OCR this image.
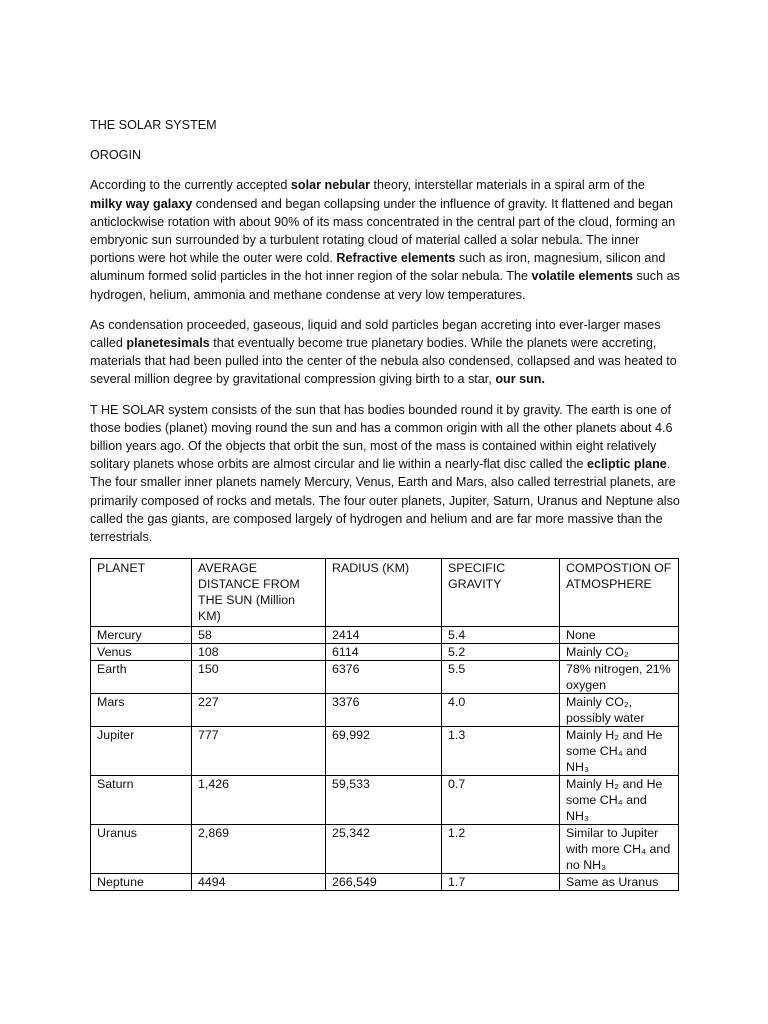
THE SOLAR SYSTEM

OROGIN

According to the currently accepted solar nebular theory, interstellar materials in a spiral arm of the milky way galaxy condensed and began collapsing under the influence of gravity. It flattened and began anticlockwise rotation with about 90% of its mass concentrated in the central part of the cloud, forming an embryonic sun surrounded by a turbulent rotating cloud of material called a solar nebula. The inner portions were hot while the outer were cold. Refractive elements such as iron, magnesium, silicon and aluminum formed solid particles in the hot inner region of the solar nebula. The volatile elements such as hydrogen, helium, ammonia and methane condense at very low temperatures.

As condensation proceeded, gaseous, liquid and sold particles began accreting into ever-larger mases called planetesimals that eventually become true planetary bodies. While the planets were accreting, materials that had been pulled into the center of the nebula also condensed, collapsed and was heated to several million degree by gravitational compression giving birth to a star, our sun.

T HE SOLAR system consists of the sun that has bodies bounded round it by gravity. The earth is one of those bodies (planet) moving round the sun and has a common origin with all the other planets about 4.6 billion years ago. Of the objects that orbit the sun, most of the mass is contained within eight relatively solitary planets whose orbits are almost circular and lie within a nearly-flat disc called the ecliptic plane. The four smaller inner planets namely Mercury, Venus, Earth and Mars, also called terrestrial planets, are primarily composed of rocks and metals. The four outer planets, Jupiter, Saturn, Uranus and Neptune also called the gas giants, are composed largely of hydrogen and helium and are far more massive than the terrestrials.

PLANET	AVERAGE DISTANCE FROM THE SUN (Million KM)	RADIUS (KM)	SPECIFIC GRAVITY	COMPOSTION OF ATMOSPHERE
Mercury	58	2414	5.4	None
Venus	108	6114	5.2	Mainly CO₂
Earth	150	6376	5.5	78% nitrogen, 21% oxygen
Mars	227	3376	4.0	Mainly CO₂, possibly water
Jupiter	777	69,992	1.3	Mainly H₂ and He some CH₄ and NH₃
Saturn	1,426	59,533	0.7	Mainly H₂ and He some CH₄ and NH₃
Uranus	2,869	25,342	1.2	Similar to Jupiter with more CH₄ and no NH₃
Neptune	4494	266,549	1.7	Same as Uranus
